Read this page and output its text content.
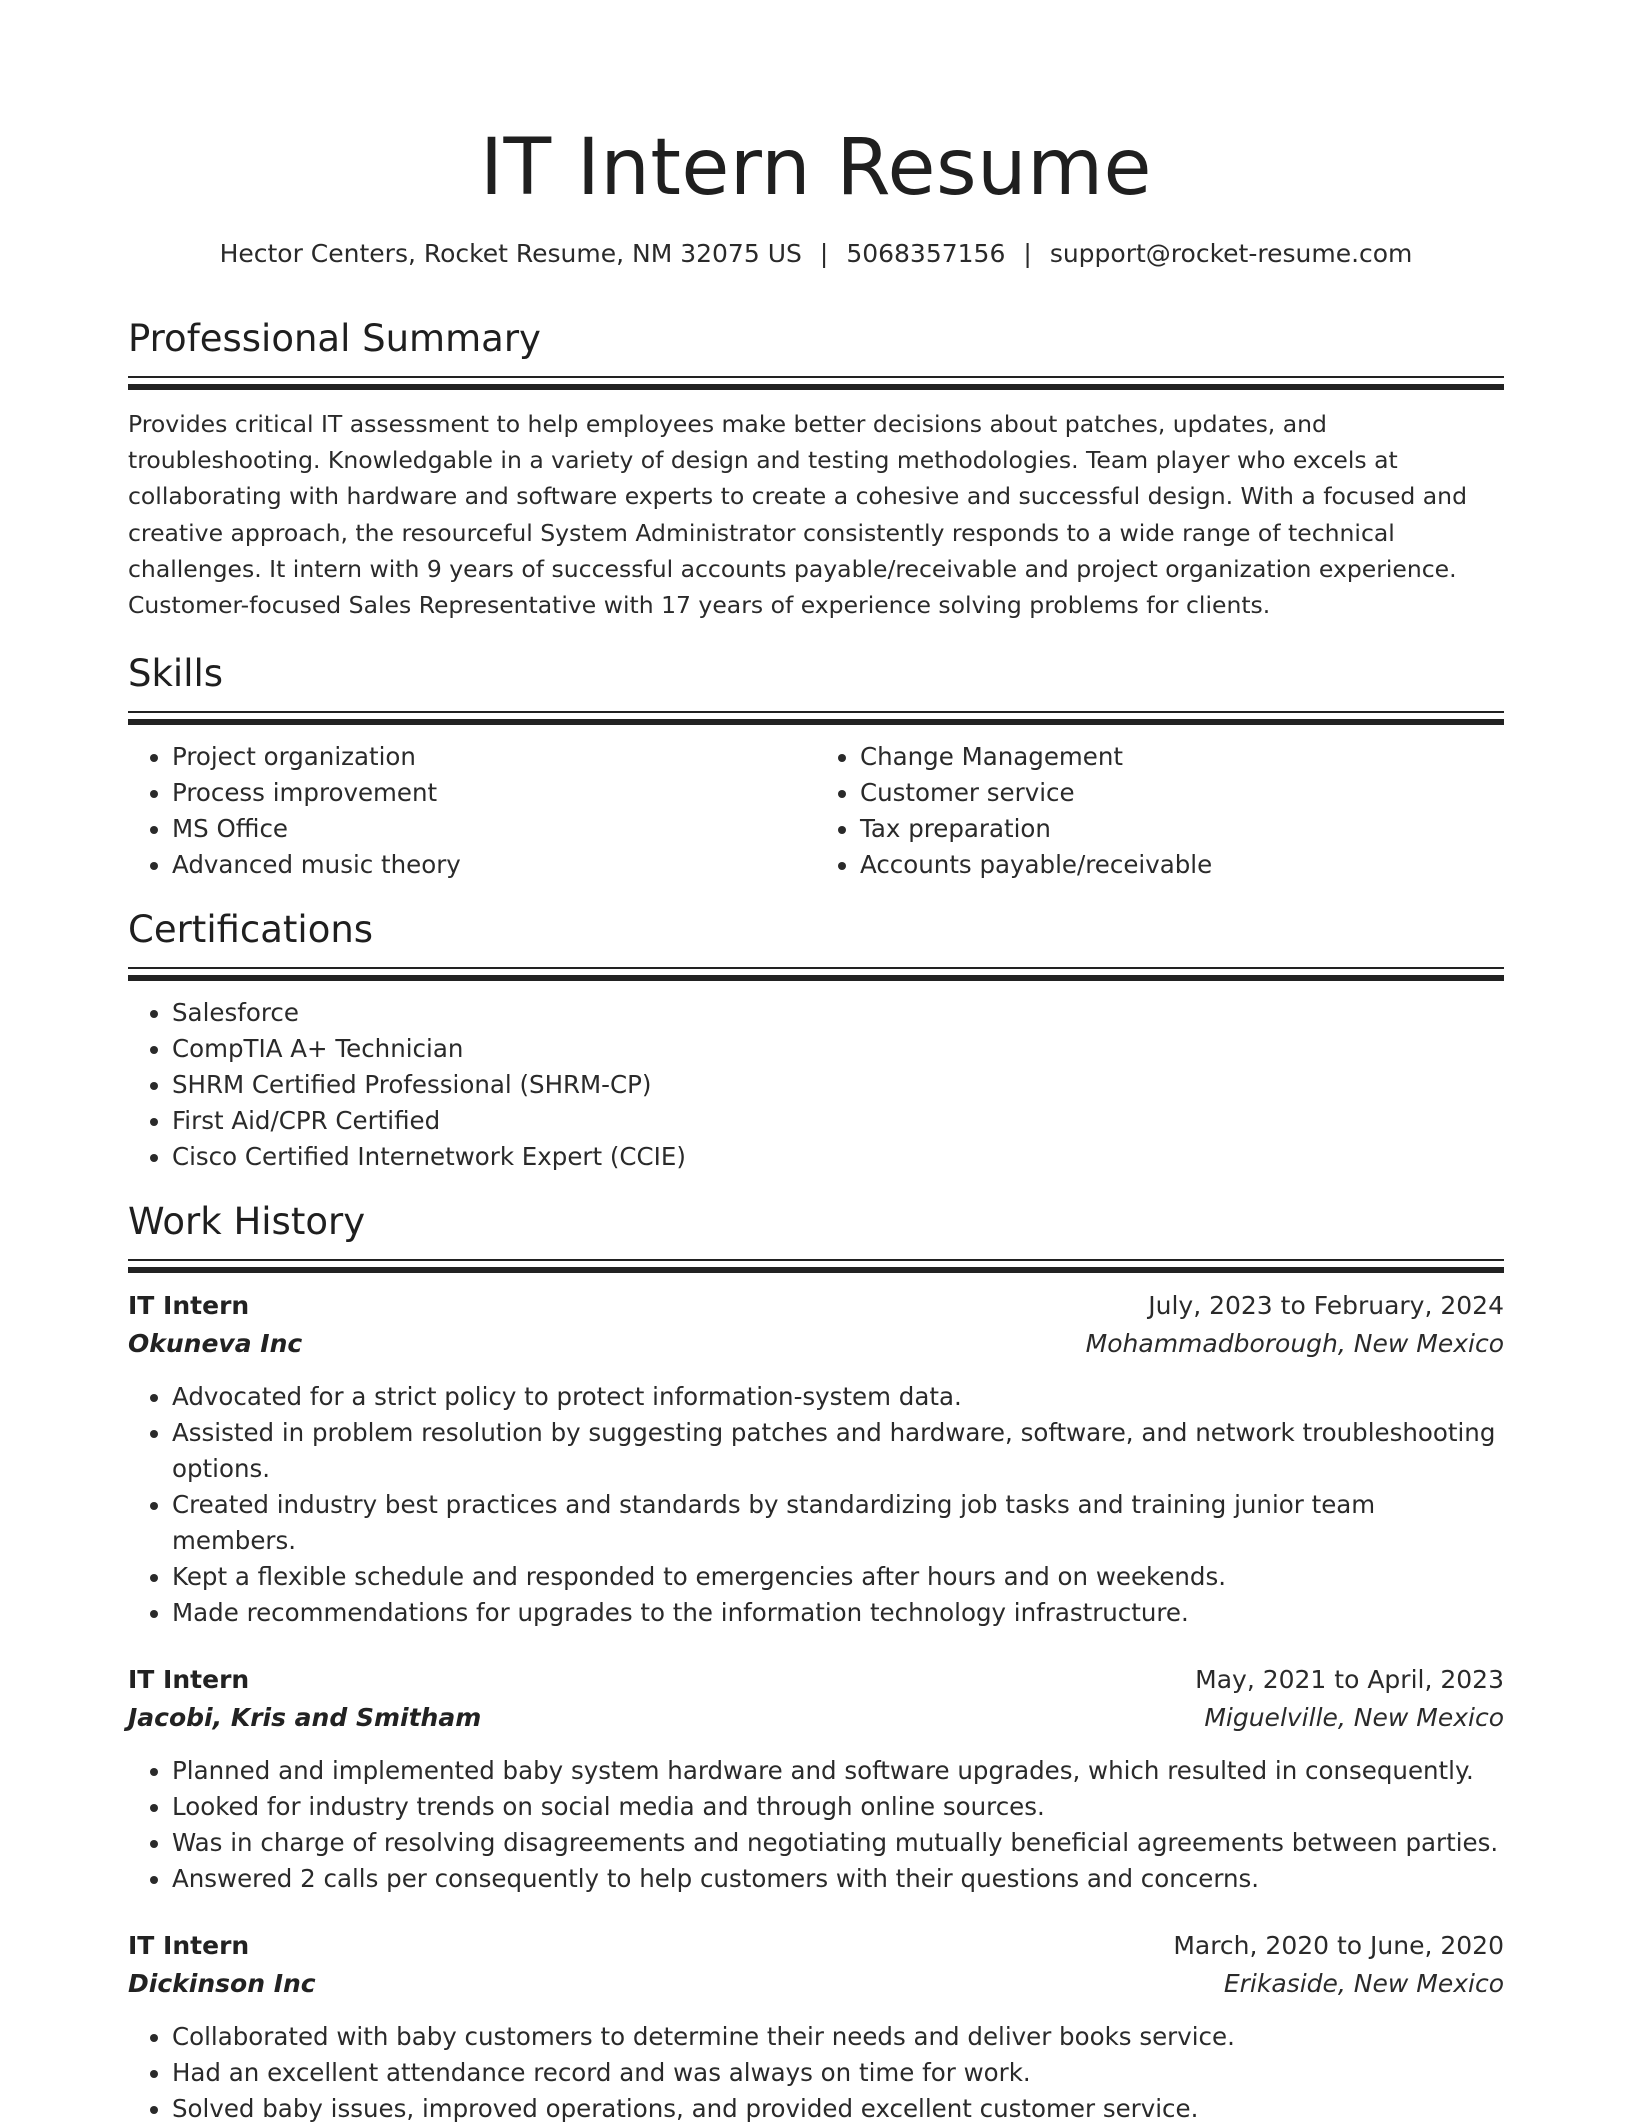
IT Intern Resume
Hector Centers, Rocket Resume, NM 32075 US | 5068357156 | support@rocket-resume.com
Professional Summary

Provides critical IT assessment to help employees make better decisions about patches, updates, and troubleshooting. Knowledgable in a variety of design and testing methodologies. Team player who excels at collaborating with hardware and software experts to create a cohesive and successful design. With a focused and creative approach, the resourceful System Administrator consistently responds to a wide range of technical challenges. It intern with 9 years of successful accounts payable/receivable and project organization experience. Customer-focused Sales Representative with 17 years of experience solving problems for clients.

Skills
• Project organization
• Process improvement
• MS Office
• Advanced music theory
• Change Management
• Customer service
• Tax preparation
• Accounts payable/receivable
Certifications
• Salesforce
• CompTIA A+ Technician
• SHRM Certified Professional (SHRM-CP)
• First Aid/CPR Certified
• Cisco Certified Internetwork Expert (CCIE)
Work History
IT Intern	July, 2023 to February, 2024
Okuneva Inc	Mohammadborough, New Mexico
• Advocated for a strict policy to protect information-system data.
• Assisted in problem resolution by suggesting patches and hardware, software, and network troubleshooting options.
• Created industry best practices and standards by standardizing job tasks and training junior team members.
• Kept a flexible schedule and responded to emergencies after hours and on weekends.
• Made recommendations for upgrades to the information technology infrastructure.
IT Intern	May, 2021 to April, 2023
Jacobi, Kris and Smitham	Miguelville, New Mexico
• Planned and implemented baby system hardware and software upgrades, which resulted in consequently.
• Looked for industry trends on social media and through online sources.
• Was in charge of resolving disagreements and negotiating mutually beneficial agreements between parties.
• Answered 2 calls per consequently to help customers with their questions and concerns.
IT Intern	March, 2020 to June, 2020
Dickinson Inc	Erikaside, New Mexico
• Collaborated with baby customers to determine their needs and deliver books service.
• Had an excellent attendance record and was always on time for work.
• Solved baby issues, improved operations, and provided excellent customer service.
